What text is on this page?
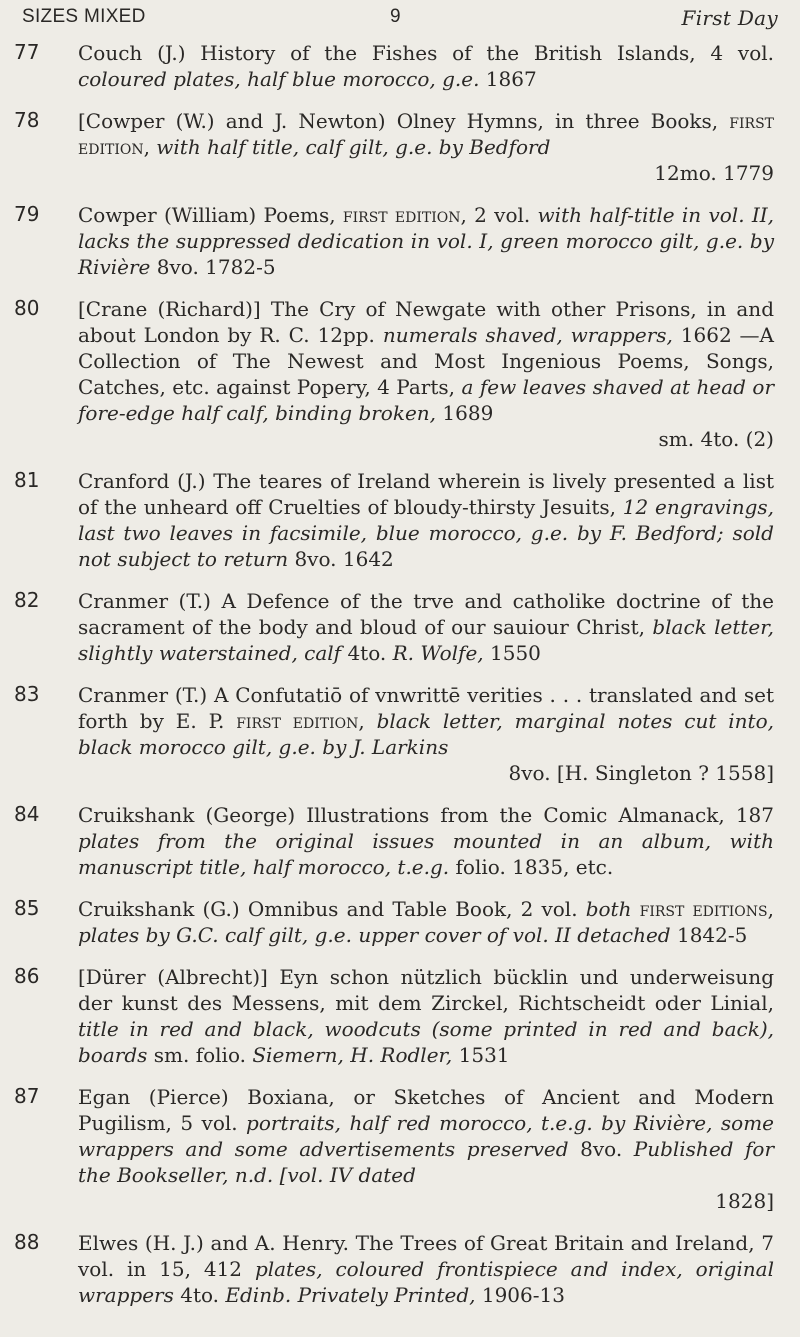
SIZES MIXED	9	First Day
77 Couch (J.) History of the Fishes of the British Islands, 4 vol. coloured plates, half blue morocco, g.e. 1867
78 [Cowper (W.) and J. Newton) Olney Hymns, in three Books, first edition, with half title, calf gilt, g.e. by Bedford
12mo. 1779
79 Cowper (William) Poems, first edition, 2 vol. with half-title in vol. II, lacks the suppressed dedication in vol. I, green morocco gilt, g.e. by Rivière 8vo. 1782-5
80 [Crane (Richard)] The Cry of Newgate with other Prisons, in and about London by R. C. 12pp. numerals shaved, wrappers, 1662 —A Collection of The Newest and Most Ingenious Poems, Songs, Catches, etc. against Popery, 4 Parts, a few leaves shaved at head or fore-edge half calf, binding broken, 1689
sm. 4to. (2)
81 Cranford (J.) The teares of Ireland wherein is lively presented a list of the unheard off Cruelties of bloudy-thirsty Jesuits, 12 engravings, last two leaves in facsimile, blue morocco, g.e. by F. Bedford; sold not subject to return 8vo. 1642
82 Cranmer (T.) A Defence of the trve and catholike doctrine of the sacrament of the body and bloud of our sauiour Christ, black letter, slightly waterstained, calf 4to. R. Wolfe, 1550
83 Cranmer (T.) A Confutatiō of vnwrittē verities . . . translated and set forth by E. P. first edition, black letter, marginal notes cut into, black morocco gilt, g.e. by J. Larkins
8vo. [H. Singleton ? 1558]
84 Cruikshank (George) Illustrations from the Comic Almanack, 187 plates from the original issues mounted in an album, with manuscript title, half morocco, t.e.g. folio. 1835, etc.
85 Cruikshank (G.) Omnibus and Table Book, 2 vol. both first editions, plates by G.C. calf gilt, g.e. upper cover of vol. II detached 1842-5
86 [Dürer (Albrecht)] Eyn schon nützlich bücklin und underweisung der kunst des Messens, mit dem Zirckel, Richtscheidt oder Linial, title in red and black, woodcuts (some printed in red and back), boards sm. folio. Siemern, H. Rodler, 1531
87 Egan (Pierce) Boxiana, or Sketches of Ancient and Modern Pugilism, 5 vol. portraits, half red morocco, t.e.g. by Rivière, some wrappers and some advertisements preserved 8vo. Published for the Bookseller, n.d. [vol. IV dated
1828]
88 Elwes (H. J.) and A. Henry. The Trees of Great Britain and Ireland, 7 vol. in 15, 412 plates, coloured frontispiece and index, original wrappers 4to. Edinb. Privately Printed, 1906-13
